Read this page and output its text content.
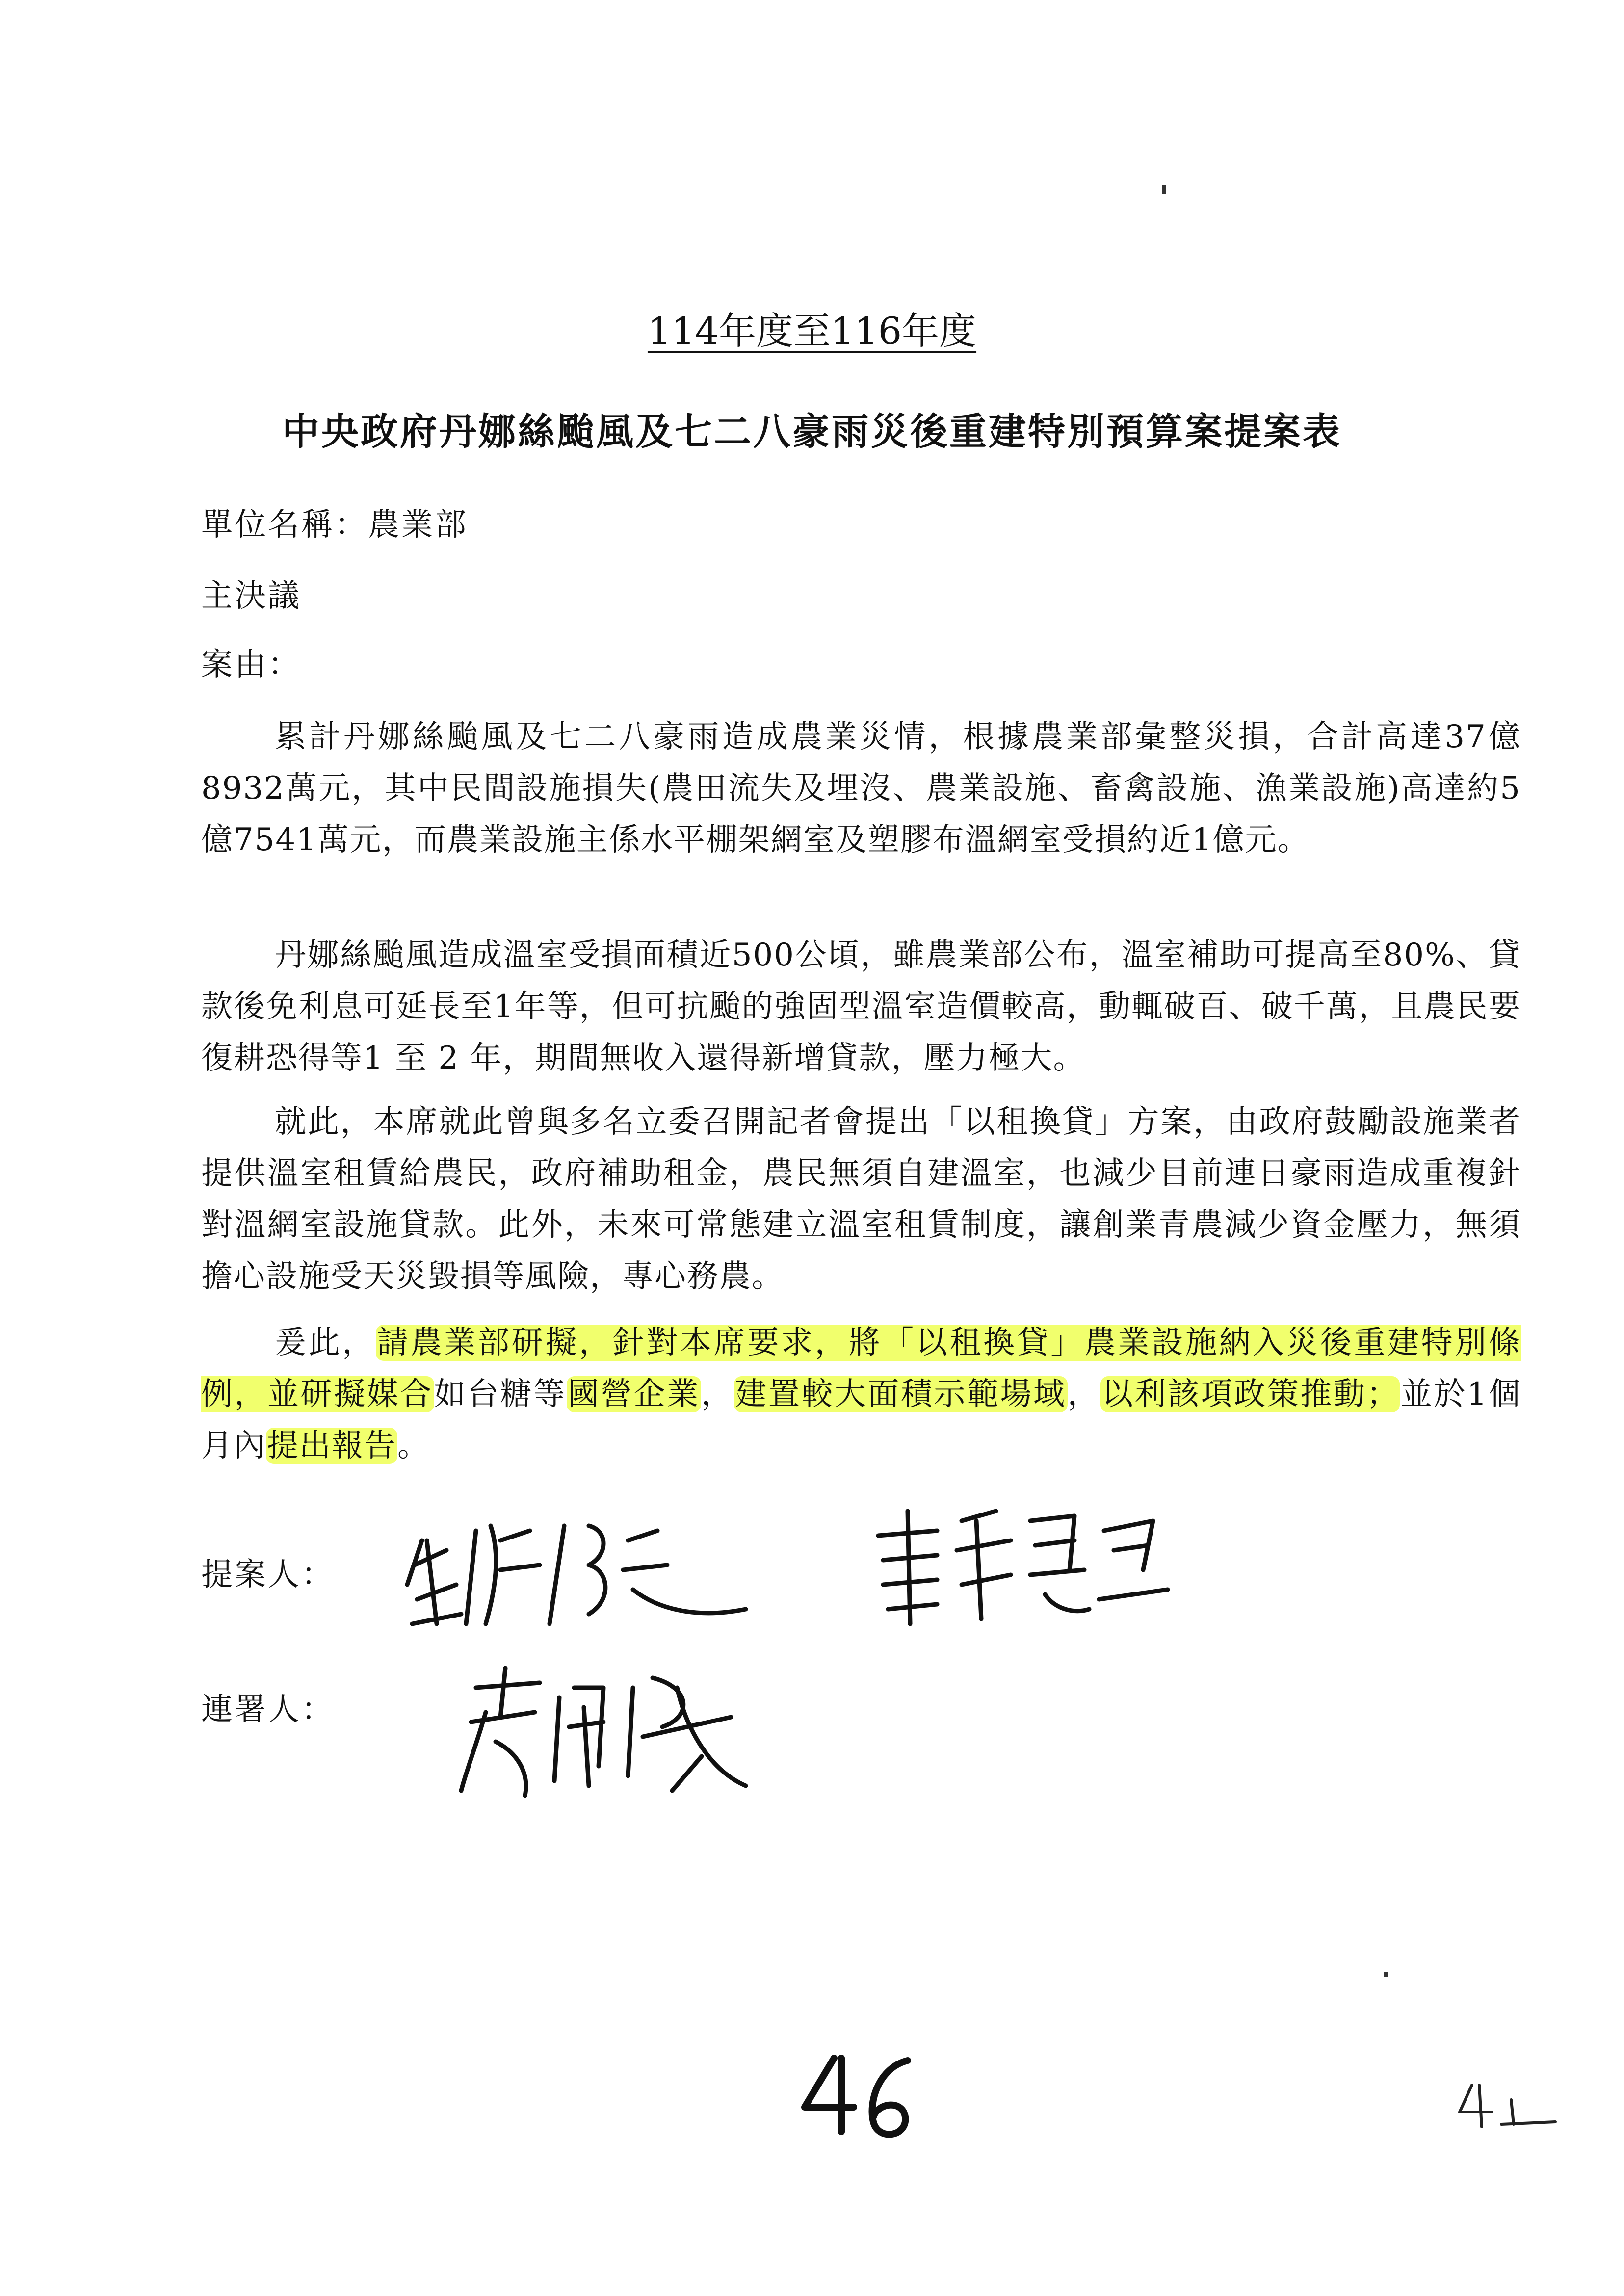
114年度至116年度
中央政府丹娜絲颱風及七二八豪雨災後重建特別預算案提案表
單位名稱：農業部
主決議
案由：
累計丹娜絲颱風及七二八豪雨造成農業災情，根據農業部彙整災損，合計高達37億8932萬元，其中民間設施損失(農田流失及埋沒、農業設施、畜禽設施、漁業設施)高達約5億7541萬元，而農業設施主係水平棚架網室及塑膠布溫網室受損約近1億元。
丹娜絲颱風造成溫室受損面積近500公頃，雖農業部公布，溫室補助可提高至80%、貸款後免利息可延長至1年等，但可抗颱的強固型溫室造價較高，動輒破百、破千萬，且農民要復耕恐得等1 至 2 年，期間無收入還得新增貸款，壓力極大。
就此，本席就此曾與多名立委召開記者會提出「以租換貸」方案，由政府鼓勵設施業者提供溫室租賃給農民，政府補助租金，農民無須自建溫室，也減少目前連日豪雨造成重複針對溫網室設施貸款。此外，未來可常態建立溫室租賃制度，讓創業青農減少資金壓力，無須擔心設施受天災毀損等風險，專心務農。
爰此，請農業部研擬，針對本席要求，將「以租換貸」農業設施納入災後重建特別條例，並研擬媒合如台糖等國營企業，建置較大面積示範場域，以利該項政策推動；並於1個月內提出報告。
提案人：
連署人：
46
